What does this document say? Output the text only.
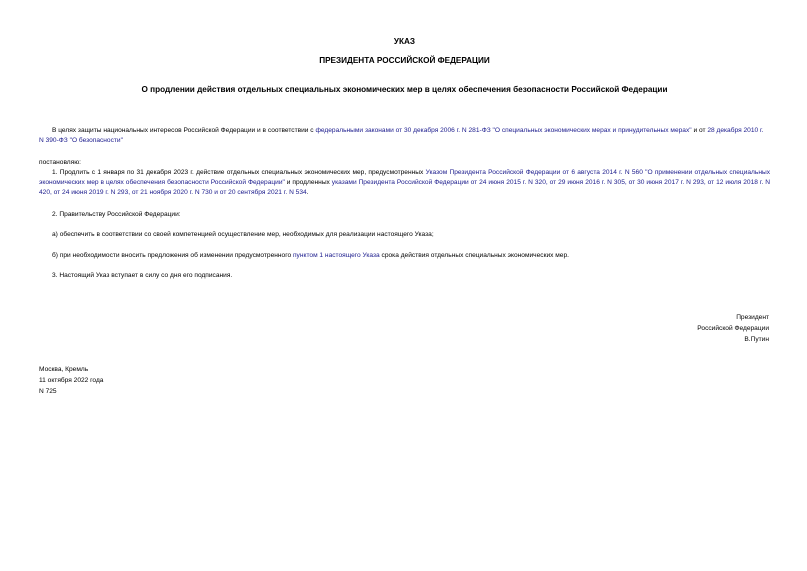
УКАЗ
ПРЕЗИДЕНТА РОССИЙСКОЙ ФЕДЕРАЦИИ
О продлении действия отдельных специальных экономических мер в целях обеспечения безопасности Российской Федерации
В целях защиты национальных интересов Российской Федерации и в соответствии с федеральными законами от 30 декабря 2006 г. N 281-ФЗ "О специальных экономических мерах и принудительных мерах" и от 28 декабря 2010 г. N 390-ФЗ "О безопасности"
постановляю:
1. Продлить с 1 января по 31 декабря 2023 г. действие отдельных специальных экономических мер, предусмотренных Указом Президента Российской Федерации от 6 августа 2014 г. N 560 "О применении отдельных специальных экономических мер в целях обеспечения безопасности Российской Федерации" и продленных указами Президента Российской Федерации от 24 июня 2015 г. N 320, от 29 июня 2016 г. N 305, от 30 июня 2017 г. N 293, от 12 июля 2018 г. N 420, от 24 июня 2019 г. N 293, от 21 ноября 2020 г. N 730 и от 20 сентября 2021 г. N 534.
2. Правительству Российской Федерации:
а) обеспечить в соответствии со своей компетенцией осуществление мер, необходимых для реализации настоящего Указа;
б) при необходимости вносить предложения об изменении предусмотренного пунктом 1 настоящего Указа срока действия отдельных специальных экономических мер.
3. Настоящий Указ вступает в силу со дня его подписания.
Президент
Российской Федерации
В.Путин
Москва, Кремль
11 октября 2022 года
N 725
